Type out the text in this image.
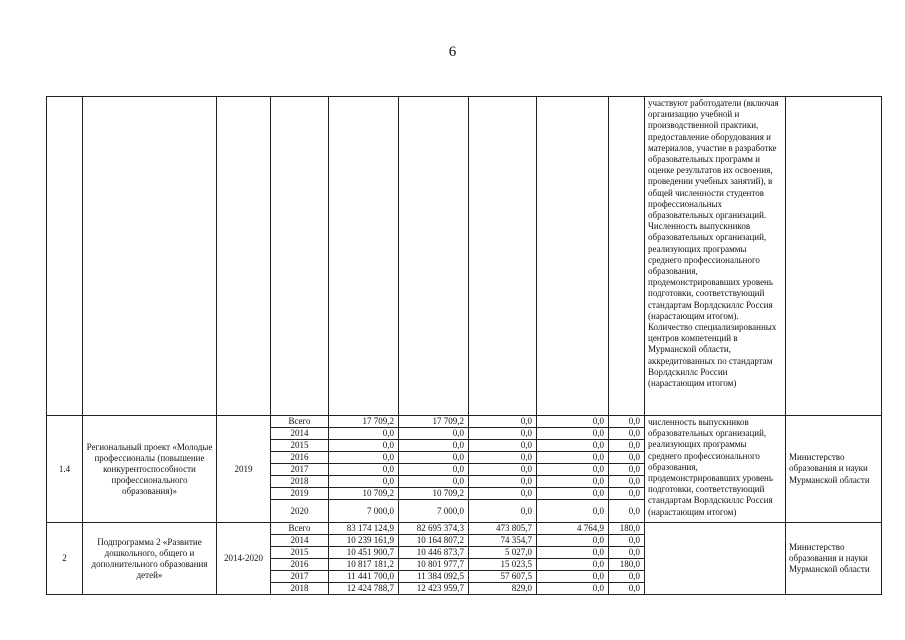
6
									участвуют работодатели (включая организацию учебной и производственной практики, предоставление оборудования и материалов, участие в разработке образовательных программ и оценке результатов их освоения, проведении учебных занятий), в общей численности студентов профессиональных образовательных организаций. Численность выпускников образовательных организаций, реализующих программы среднего профессионального образования, продемонстрировавших уровень подготовки, соответствующий стандартам Ворлдскиллс Россия (нарастающим итогом). Количество специализированных центров компетенций в Мурманской области, аккредитованных по стандартам Ворлдскиллс России (нарастающим итогом)	
1.4	Региональный проект «Молодые профессионалы (повышение конкурентоспособности профессионального образования)»	2019	Всего	17 709,2	17 709,2	0,0	0,0	0,0	численность выпускников образовательных организаций, реализующих программы среднего профессионального образования, продемонстрировавших уровень подготовки, соответствующий стандартам Ворлдскиллс Россия (нарастающим итогом)	Министерство образования и науки Мурманской области
			2014	0,0	0,0	0,0	0,0	0,0		
			2015	0,0	0,0	0,0	0,0	0,0		
			2016	0,0	0,0	0,0	0,0	0,0		
			2017	0,0	0,0	0,0	0,0	0,0		
			2018	0,0	0,0	0,0	0,0	0,0		
			2019	10 709,2	10 709,2	0,0	0,0	0,0		
			2020	7 000,0	7 000,0	0,0	0,0	0,0		
2	Подпрограмма 2 «Развитие дошкольного, общего и дополнительного образования детей»	2014-2020	Всего	83 174 124,9	82 695 374,3	473 805,7	4 764,9	180,0		Министерство образования и науки Мурманской области
			2014	10 239 161,9	10 164 807,2	74 354,7	0,0	0,0		
			2015	10 451 900,7	10 446 873,7	5 027,0	0,0	0,0		
			2016	10 817 181,2	10 801 977,7	15 023,5	0,0	180,0		
			2017	11 441 700,0	11 384 092,5	57 607,5	0,0	0,0		
			2018	12 424 788,7	12 423 959,7	829,0	0,0	0,0		
